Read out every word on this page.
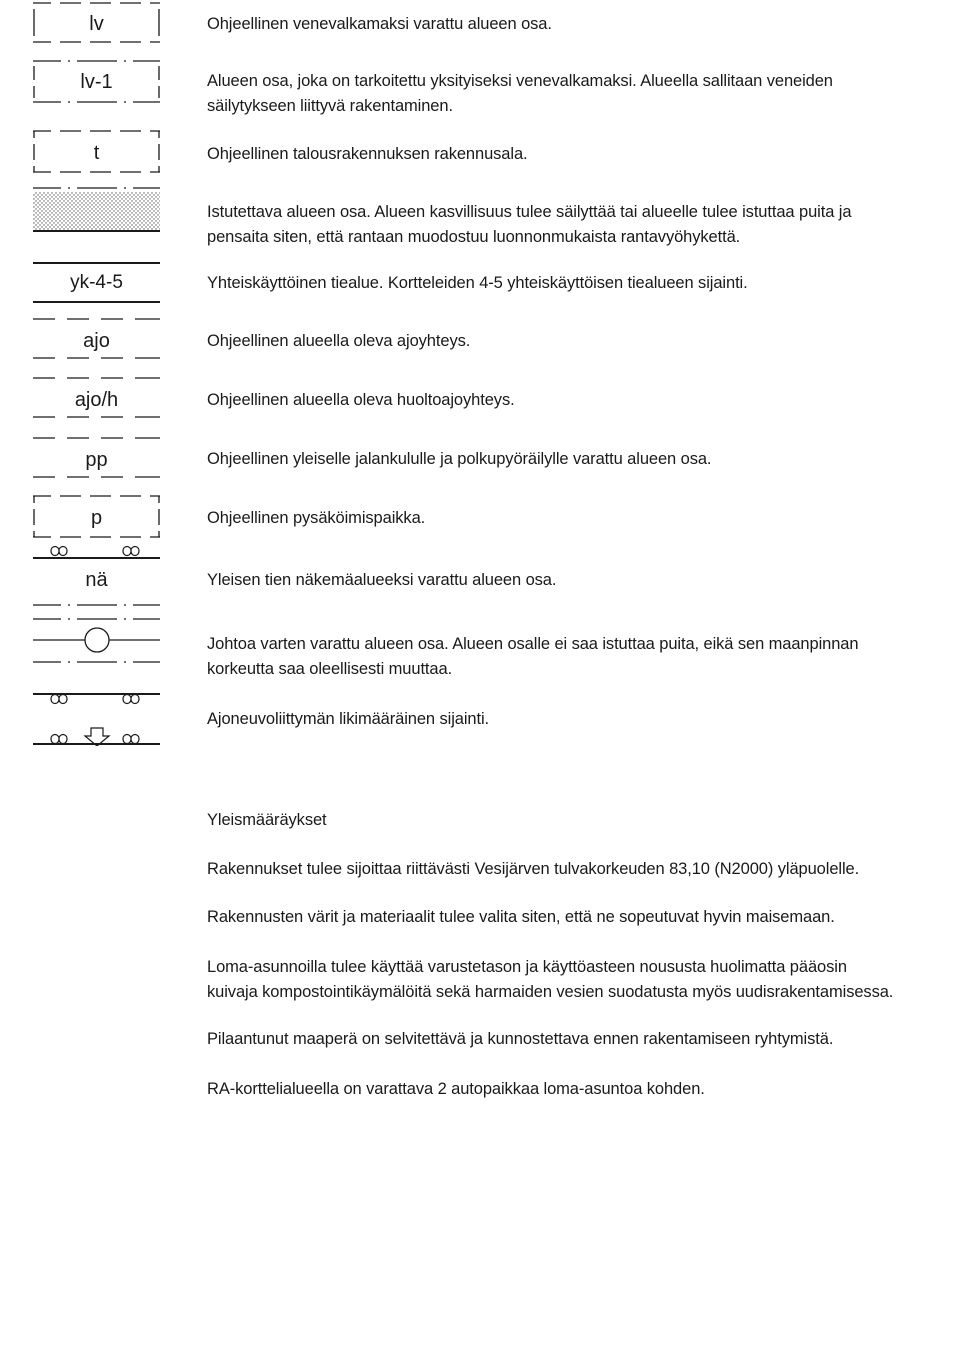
lv
lv-1
t
yk-4-5
ajo
ajo/h
pp
p
nä

Ohjeellinen venevalkamaksi varattu alueen osa.

Alueen osa, joka on tarkoitettu yksityiseksi venevalkamaksi. Alueella sallitaan veneiden säilytykseen liittyvä rakentaminen.

Ohjeellinen talousrakennuksen rakennusala.

Istutettava alueen osa. Alueen kasvillisuus tulee säilyttää tai alueelle tulee istuttaa puita ja pensaita siten, että rantaan muodostuu luonnonmukaista rantavyöhykettä.

Yhteiskäyttöinen tiealue. Kortteleiden 4-5 yhteiskäyttöisen tiealueen sijainti.

Ohjeellinen alueella oleva ajoyhteys.

Ohjeellinen alueella oleva huoltoajoyhteys.

Ohjeellinen yleiselle jalankululle ja polkupyöräilylle varattu alueen osa.

Ohjeellinen pysäköimispaikka.

Yleisen tien näkemäalueeksi varattu alueen osa.

Johtoa varten varattu alueen osa. Alueen osalle ei saa istuttaa puita, eikä sen maanpinnan korkeutta saa oleellisesti muuttaa.

Ajoneuvoliittymän likimääräinen sijainti.

Yleismääräykset

Rakennukset tulee sijoittaa riittävästi Vesijärven tulvakorkeuden 83,10 (N2000) yläpuolelle.

Rakennusten värit ja materiaalit tulee valita siten, että ne sopeutuvat hyvin maisemaan.

Loma-asunnoilla tulee käyttää varustetason ja käyttöasteen noususta huolimatta pääosin kuivaja kompostointikäymälöitä sekä harmaiden vesien suodatusta myös uudisrakentamisessa.

Pilaantunut maaperä on selvitettävä ja kunnostettava ennen rakentamiseen ryhtymistä.

RA-korttelialueella on varattava 2 autopaikkaa loma-asuntoa kohden.
